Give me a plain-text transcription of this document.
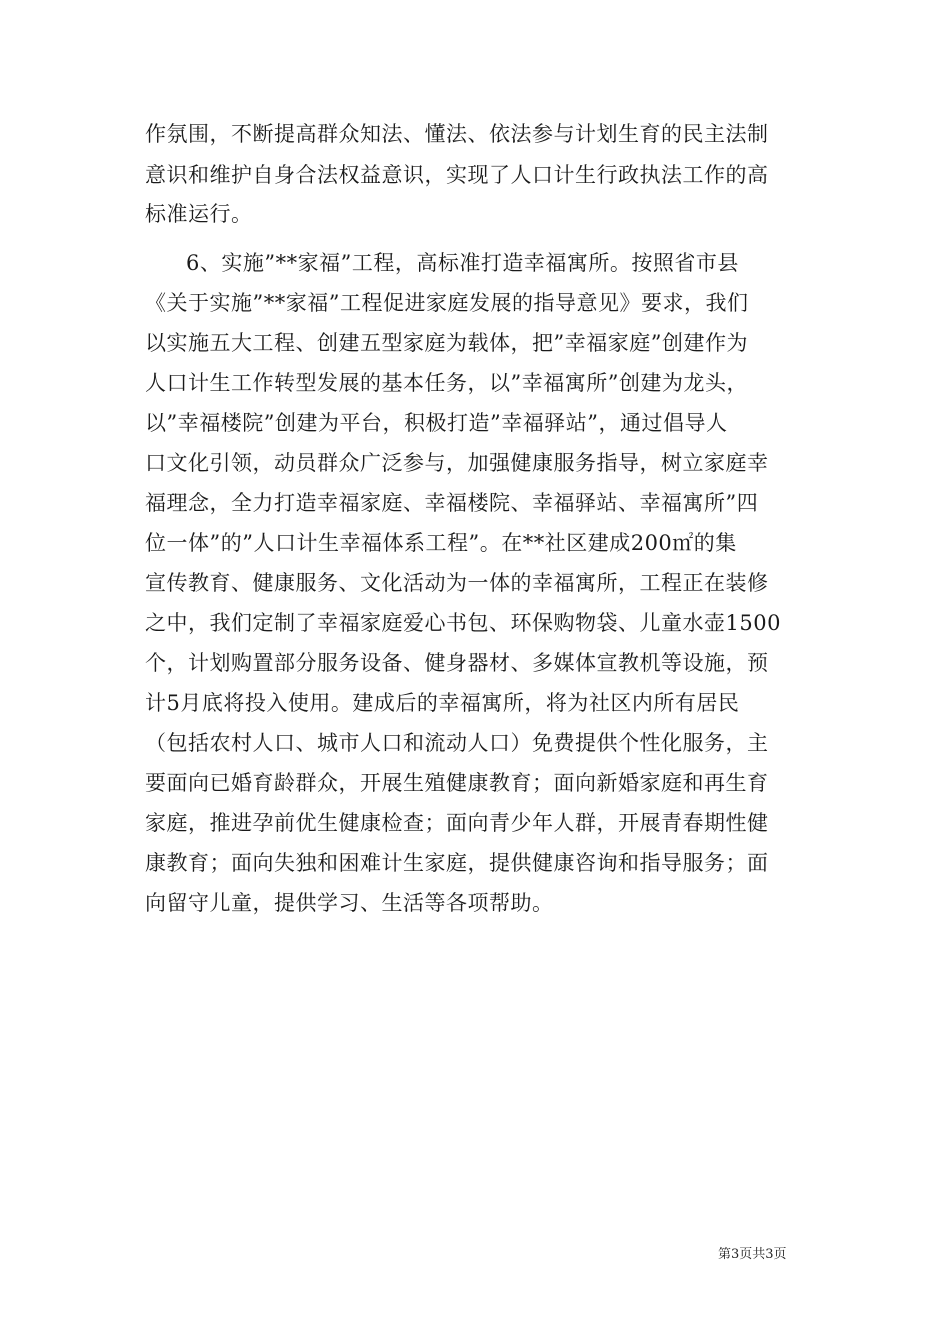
作氛围，不断提高群众知法、懂法、依法参与计划生育的民主法制
意识和维护自身合法权益意识，实现了人口计生行政执法工作的高
标准运行。
6、实施”**家福”工程，高标准打造幸福寓所。按照省市县
《关于实施”**家福”工程促进家庭发展的指导意见》要求，我们
以实施五大工程、创建五型家庭为载体，把”幸福家庭”创建作为
人口计生工作转型发展的基本任务，以”幸福寓所”创建为龙头，
以”幸福楼院”创建为平台，积极打造”幸福驿站”，通过倡导人
口文化引领，动员群众广泛参与，加强健康服务指导，树立家庭幸
福理念，全力打造幸福家庭、幸福楼院、幸福驿站、幸福寓所”四
位一体”的”人口计生幸福体系工程”。在**社区建成200㎡的集
宣传教育、健康服务、文化活动为一体的幸福寓所，工程正在装修
之中，我们定制了幸福家庭爱心书包、环保购物袋、儿童水壶1500
个，计划购置部分服务设备、健身器材、多媒体宣教机等设施，预
计5月底将投入使用。建成后的幸福寓所，将为社区内所有居民
（包括农村人口、城市人口和流动人口）免费提供个性化服务，主
要面向已婚育龄群众，开展生殖健康教育；面向新婚家庭和再生育
家庭，推进孕前优生健康检查；面向青少年人群，开展青春期性健
康教育；面向失独和困难计生家庭，提供健康咨询和指导服务；面
向留守儿童，提供学习、生活等各项帮助。
第3页共3页
